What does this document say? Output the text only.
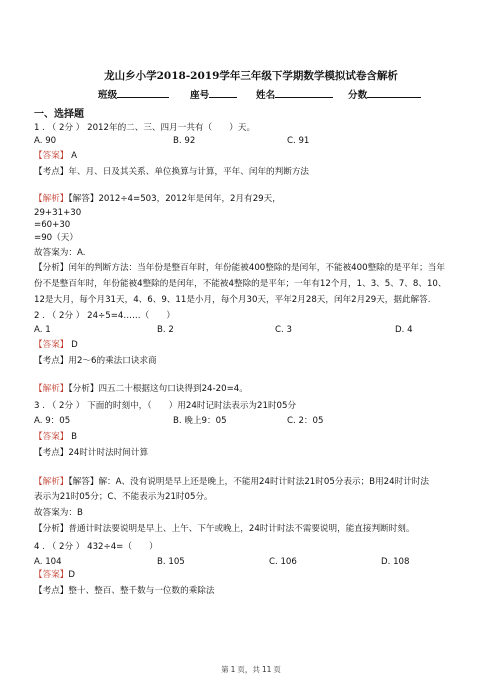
龙山乡小学2018-2019学年三年级下学期数学模拟试卷含解析
班级	座号	姓名	分数
一、选择题
1 . （ 2分 ） 2012年的二、三、四月一共有（　　）天。
A. 90	B. 92	C. 91
【答案】 A
【考点】年、月、日及其关系、单位换算与计算，平年、闰年的判断方法
【解析】【解答】2012÷4=503，2012年是闰年，2月有29天，
29+31+30
=60+30
=90（天）
故答案为：A.
【分析】闰年的判断方法：当年份是整百年时，年份能被400整除的是闰年，不能被400整除的是平年；当年
份不是整百年时，年份能被4整除的是闰年，不能被4整除的是平年；一年有12个月，1、3、5、7、8、10、
12是大月，每个月31天，4、6、9、11是小月，每个月30天，平年2月28天，闰年2月29天，据此解答.
2 . （ 2分 ） 24÷5=4……（　　）
A. 1	B. 2	C. 3	D. 4
【答案】 D
【考点】用2～6的乘法口诀求商
【解析】【分析】四五二十根据这句口诀得到24-20=4。
3 . （ 2分 ） 下面的时刻中，（　　）用24时记时法表示为21时05分
A. 9：05	B. 晚上9：05	C. 2：05
【答案】 B
【考点】24时计时法时间计算
【解析】【解答】解：A、没有说明是早上还是晚上，不能用24时计时法21时05分表示；B用24时计时法
表示为21时05分；C、不能表示为21时05分。
故答案为：B
【分析】普通计时法要说明是早上、上午、下午或晚上，24时计时法不需要说明，能直接判断时刻。
4 . （ 2分 ） 432÷4=（　　）
A. 104	B. 105	C. 106	D. 108
【答案】D
【考点】整十、整百、整千数与一位数的乘除法
第 1 页，共 11 页
